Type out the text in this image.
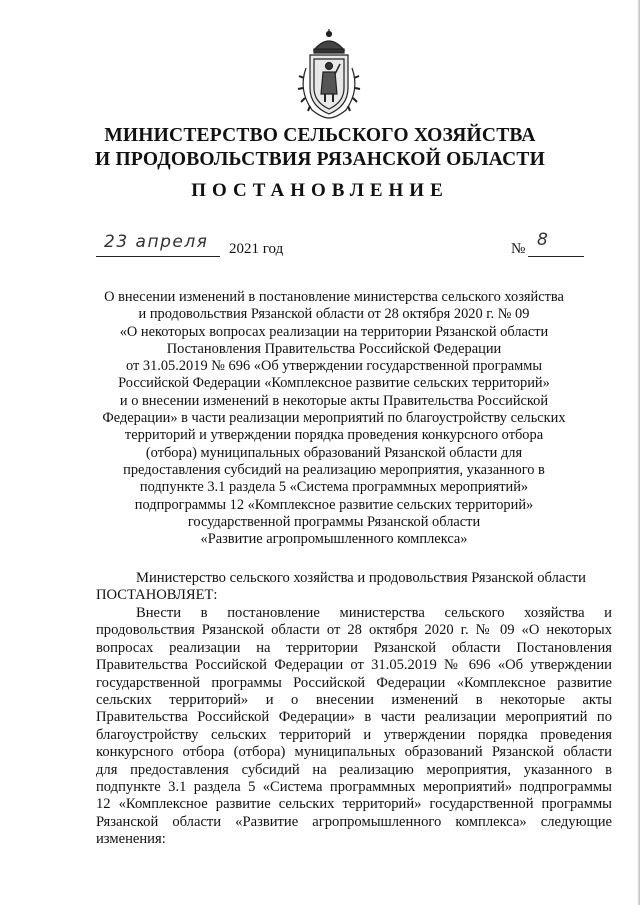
МИНИСТЕРСТВО СЕЛЬСКОГО ХОЗЯЙСТВА
И ПРОДОВОЛЬСТВИЯ РЯЗАНСКОЙ ОБЛАСТИ
ПОСТАНОВЛЕНИЕ
23 апреля 2021 год	№ 8
О внесении изменений в постановление министерства сельского хозяйства
и продовольствия Рязанской области от 28 октября 2020 г. № 09
«О некоторых вопросах реализации на территории Рязанской области
Постановления Правительства Российской Федерации
от 31.05.2019 № 696 «Об утверждении государственной программы
Российской Федерации «Комплексное развитие сельских территорий»
и о внесении изменений в некоторые акты Правительства Российской
Федерации» в части реализации мероприятий по благоустройству сельских
территорий и утверждении порядка проведения конкурсного отбора
(отбора) муниципальных образований Рязанской области для
предоставления субсидий на реализацию мероприятия, указанного в
подпункте 3.1 раздела 5 «Система программных мероприятий»
подпрограммы 12 «Комплексное развитие сельских территорий»
государственной программы Рязанской области
«Развитие агропромышленного комплекса»
Министерство сельского хозяйства и продовольствия Рязанской области
ПОСТАНОВЛЯЕТ:
Внести в постановление министерства сельского хозяйства и
продовольствия Рязанской области от 28 октября 2020 г. № 09 «О некоторых
вопросах реализации на территории Рязанской области Постановления
Правительства Российской Федерации от 31.05.2019 № 696 «Об утверждении
государственной программы Российской Федерации «Комплексное развитие
сельских территорий» и о внесении изменений в некоторые акты
Правительства Российской Федерации» в части реализации мероприятий по
благоустройству сельских территорий и утверждении порядка проведения
конкурсного отбора (отбора) муниципальных образований Рязанской области
для предоставления субсидий на реализацию мероприятия, указанного в
подпункте 3.1 раздела 5 «Система программных мероприятий» подпрограммы
12 «Комплексное развитие сельских территорий» государственной программы
Рязанской области «Развитие агропромышленного комплекса» следующие
изменения:
